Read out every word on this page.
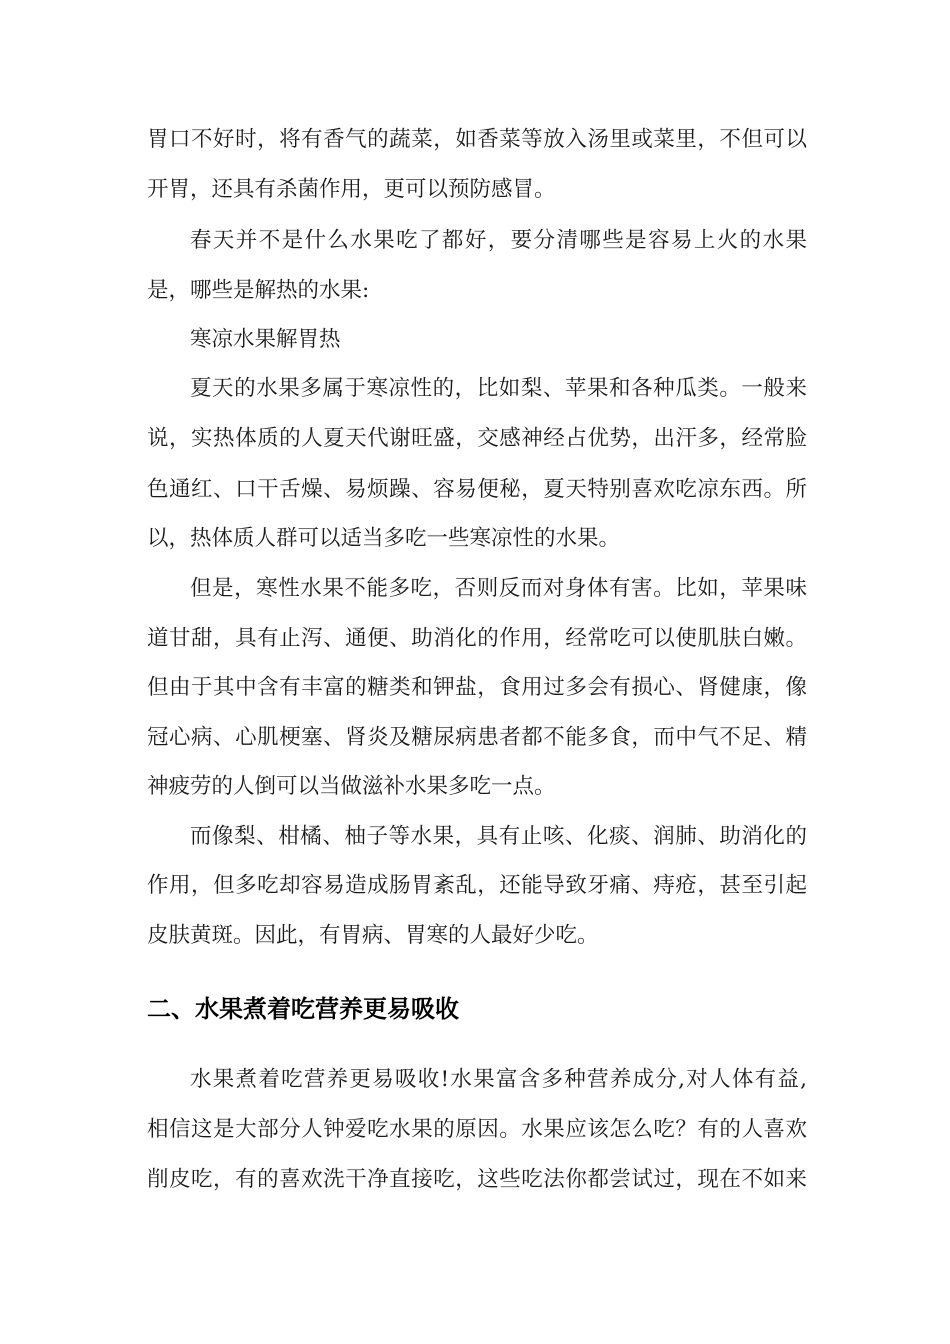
胃口不好时，将有香气的蔬菜，如香菜等放入汤里或菜里，不但可以
开胃，还具有杀菌作用，更可以预防感冒。
春天并不是什么水果吃了都好，要分清哪些是容易上火的水果
是，哪些是解热的水果:
寒凉水果解胃热
夏天的水果多属于寒凉性的，比如梨、苹果和各种瓜类。一般来
说，实热体质的人夏天代谢旺盛，交感神经占优势，出汗多，经常脸
色通红、口干舌燥、易烦躁、容易便秘，夏天特别喜欢吃凉东西。所
以，热体质人群可以适当多吃一些寒凉性的水果。
但是，寒性水果不能多吃，否则反而对身体有害。比如，苹果味
道甘甜，具有止泻、通便、助消化的作用，经常吃可以使肌肤白嫩。
但由于其中含有丰富的糖类和钾盐，食用过多会有损心、肾健康，像
冠心病、心肌梗塞、肾炎及糖尿病患者都不能多食，而中气不足、精
神疲劳的人倒可以当做滋补水果多吃一点。
而像梨、柑橘、柚子等水果，具有止咳、化痰、润肺、助消化的
作用，但多吃却容易造成肠胃紊乱，还能导致牙痛、痔疮，甚至引起
皮肤黄斑。因此，有胃病、胃寒的人最好少吃。
二、水果煮着吃营养更易吸收
水果煮着吃营养更易吸收!水果富含多种营养成分,对人体有益,
相信这是大部分人钟爱吃水果的原因。水果应该怎么吃？有的人喜欢
削皮吃，有的喜欢洗干净直接吃，这些吃法你都尝试过，现在不如来
